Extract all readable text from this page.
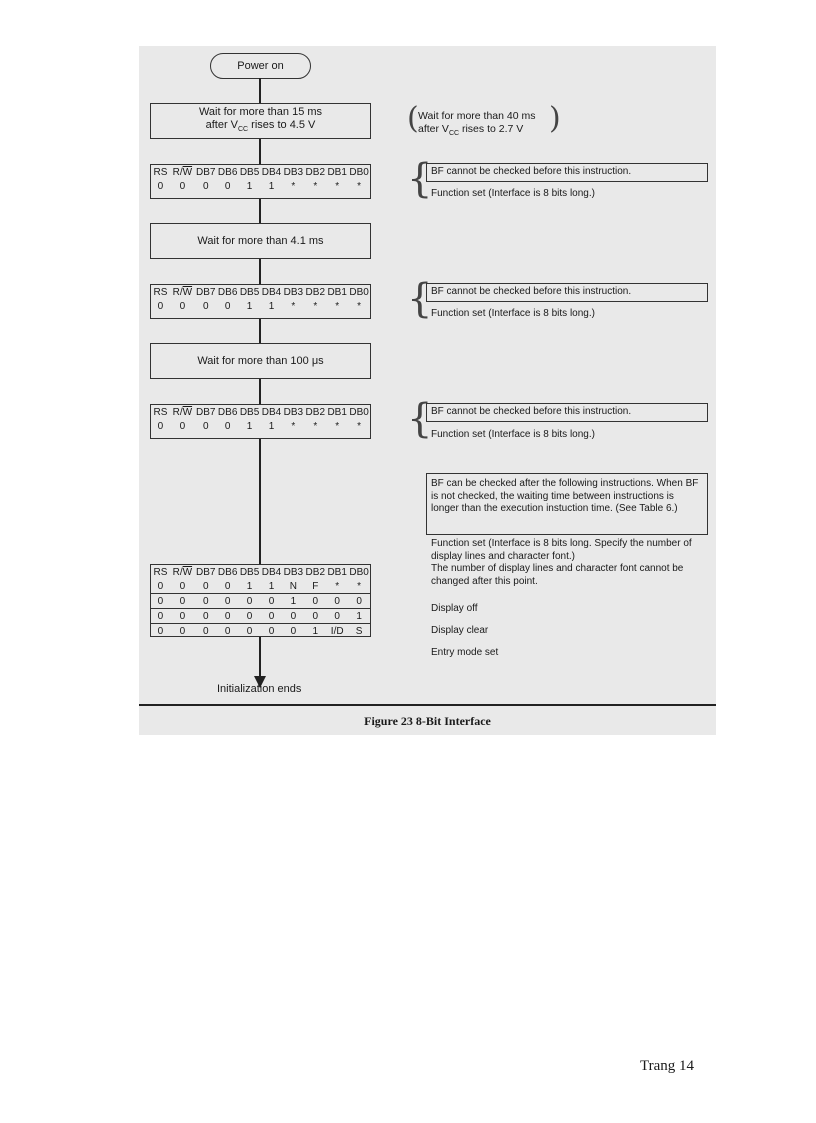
Power on
Wait for more than 15 ms
after $V_{CC}$ rises to 4.5 V	( Wait for more than 40 ms
after $V_{CC}$ rises to 2.7 V )
RS $R/\overline{W}$ DB7 DB6 DB5 DB4 DB3 DB2 DB1 DB0
0	0	0	0	1	1	*	*	*	* {
BF cannot be checked before this instruction.
Function set (Interface is 8 bits long.)
Wait for more than 4.1 ms
RS $R/\overline{W}$ DB7 DB6 DB5 DB4 DB3 DB2 DB1 DB0
0	0	0	0	1	1	*	*	*	* {
BF cannot be checked before this instruction.
Function set (Interface is 8 bits long.)
Wait for more than 100 μs
RS $R/\overline{W}$ DB7 DB6 DB5 DB4 DB3 DB2 DB1 DB0
0	0	0	0	1	1	*	*	*	* {
BF cannot be checked before this instruction.
Function set (Interface is 8 bits long.)
BF can be checked after the following instructions. When BF is not checked, the waiting time between instructions is longer than the execution instuction time. (See Table 6.)
RS $R/\overline{W}$ DB7 DB6 DB5 DB4 DB3 DB2 DB1 DB0
0	0	0	0	1	1	N	F	*	*
0	0	0	0	0	0	1	0	0	0
0	0	0	0	0	0	0	0	0	1
0	0	0	0	0	0	0	1	I/D	S
Function set (Interface is 8 bits long. Specify the number of display lines and character font.)
The number of display lines and character font cannot be changed after this point.
Display off
Display clear
Entry mode set
Initialization ends
Figure 23 8-Bit Interface
Trang 14
